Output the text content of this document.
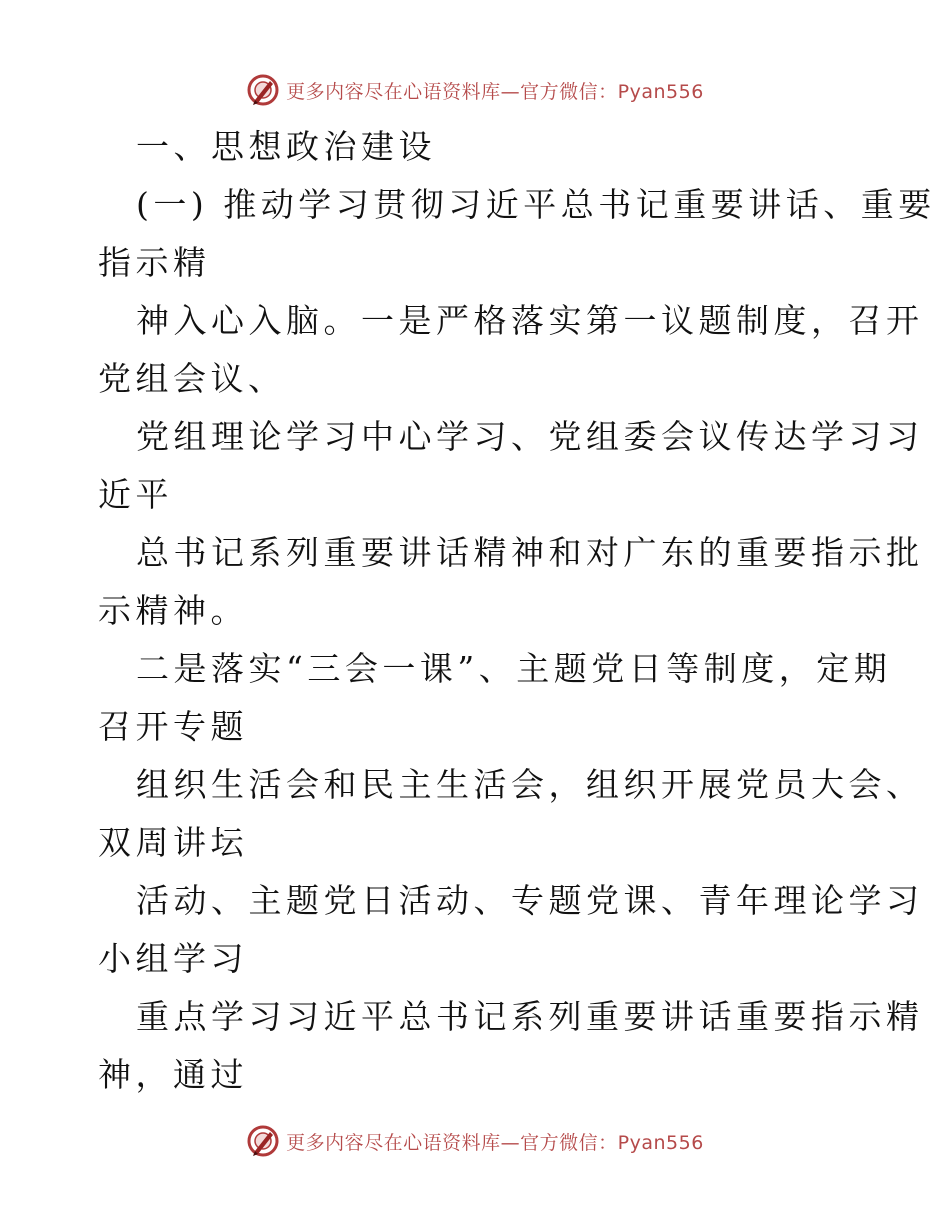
更多内容尽在心语资料库—官方微信：Pyan556

一、思想政治建设

(一) 推动学习贯彻习近平总书记重要讲话、重要

指示精

神入心入脑。一是严格落实第一议题制度，召开

党组会议、

党组理论学习中心学习、党组委会议传达学习习

近平

总书记系列重要讲话精神和对广东的重要指示批

示精神。

二是落实“三会一课”、主题党日等制度，定期

召开专题

组织生活会和民主生活会，组织开展党员大会、

双周讲坛

活动、主题党日活动、专题党课、青年理论学习

小组学习

重点学习习近平总书记系列重要讲话重要指示精

神，通过

更多内容尽在心语资料库—官方微信：Pyan556
